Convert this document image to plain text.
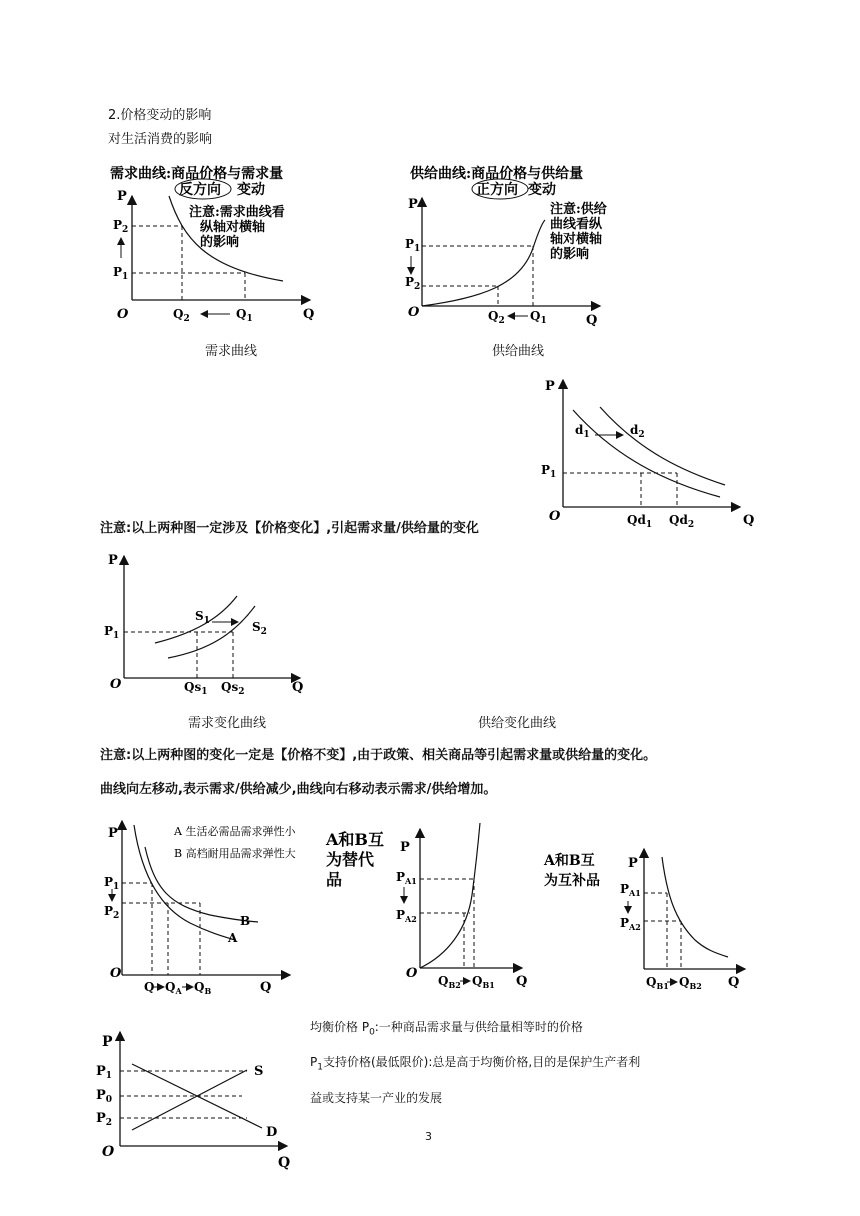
2.价格变动的影响
对生活消费的影响
需求曲线:商品价格与需求量
反方向 变动
注意:需求曲线看
纵轴对横轴
的影响
P
Q
O
$P_2$
$P_1$
$Q_2$	$Q_1$
需求曲线
供给曲线:商品价格与供给量
正方向 变动
注意:供给
曲线看纵
轴对横轴
的影响
P
Q
O
$P_1$
$P_2$
$Q_2$ $Q_1$
供给曲线
P
Q
O
$d_1$	$d_2$
$P_1$
$Qd_1$ $Qd_2$
注意:以上两种图一定涉及【价格变化】,引起需求量/供给量的变化
P
Q
O
$S_1$	$S_2$
$P_1$
$Qs_1$ $Qs_2$
需求变化曲线	供给变化曲线
注意:以上两种图的变化一定是【价格不变】,由于政策、相关商品等引起需求量或供给量的变化。
曲线向左移动,表示需求/供给减少,曲线向右移动表示需求/供给增加。
P
Q
O
A 生活必需品需求弹性小
B 高档耐用品需求弹性大
B
A
$P_1$
$P_2$
Q $Q_A$ $Q_B$
A和B互
为替代
品
P
Q
O
$P_{A1}$
$P_{A2}$
$Q_{B2}$ $Q_{B1}$
A和B互
为互补品
P
Q
$P_{A1}$
$P_{A2}$
$Q_{B1}$ $Q_{B2}$
P
Q
O
$P_1$
$P_0$
$P_2$
S
D
均衡价格 $P_0$:一种商品需求量与供给量相等时的价格
$P_1$支持价格(最低限价):总是高于均衡价格,目的是保护生产者利
益或支持某一产业的发展
3
